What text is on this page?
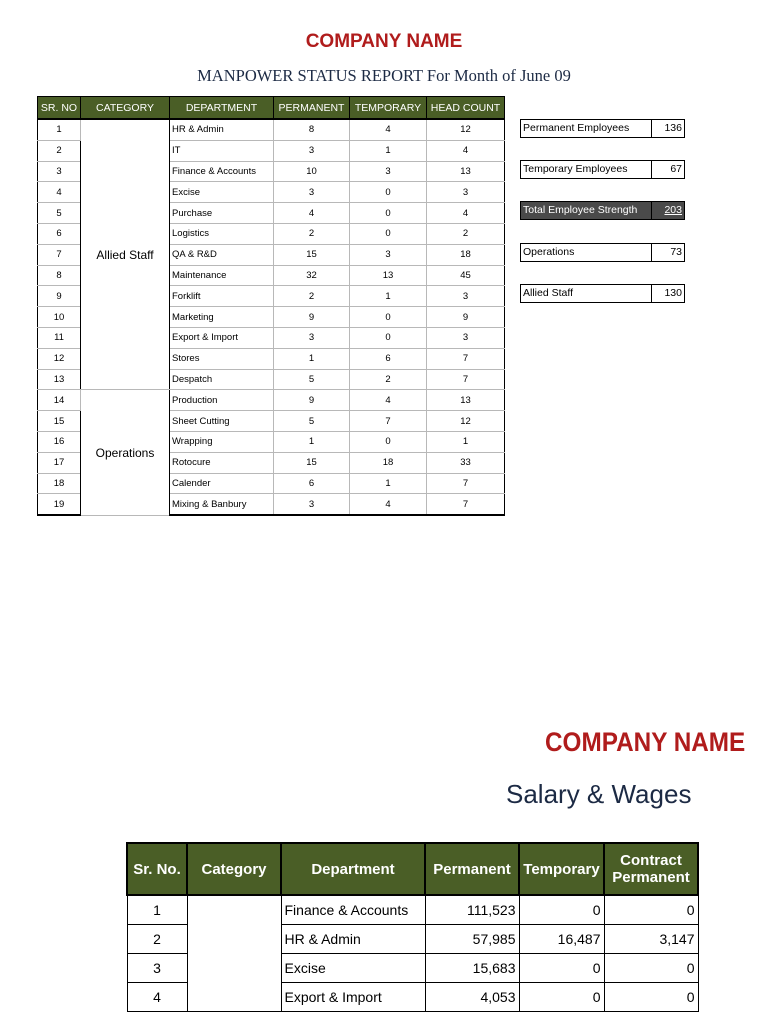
COMPANY NAME
MANPOWER STATUS REPORT For Month of June 09
SR. NO	CATEGORY	DEPARTMENT	PERMANENT	TEMPORARY	HEAD COUNT
1	Allied Staff	HR & Admin	8	4	12
2		IT	3	1	4
3		Finance & Accounts	10	3	13
4		Excise	3	0	3
5		Purchase	4	0	4
6		Logistics	2	0	2
7		QA & R&D	15	3	18
8		Maintenance	32	13	45
9		Forklift	2	1	3
10		Marketing	9	0	9
11		Export & Import	3	0	3
12		Stores	1	6	7
13		Despatch	5	2	7
14	Operations	Production	9	4	13
15		Sheet Cutting	5	7	12
16		Wrapping	1	0	1
17		Rotocure	15	18	33
18		Calender	6	1	7
19		Mixing & Banbury	3	4	7
Permanent Employees	136
Temporary Employees	67
Total Employee Strength	203
Operations	73
Allied Staff	130
COMPANY NAME
Salary & Wages
Sr. No.	Category	Department	Permanent	Temporary	Contract
Permanent
1		Finance & Accounts	111,523	0	0
2		HR & Admin	57,985	16,487	3,147
3		Excise	15,683	0	0
4		Export & Import	4,053	0	0
